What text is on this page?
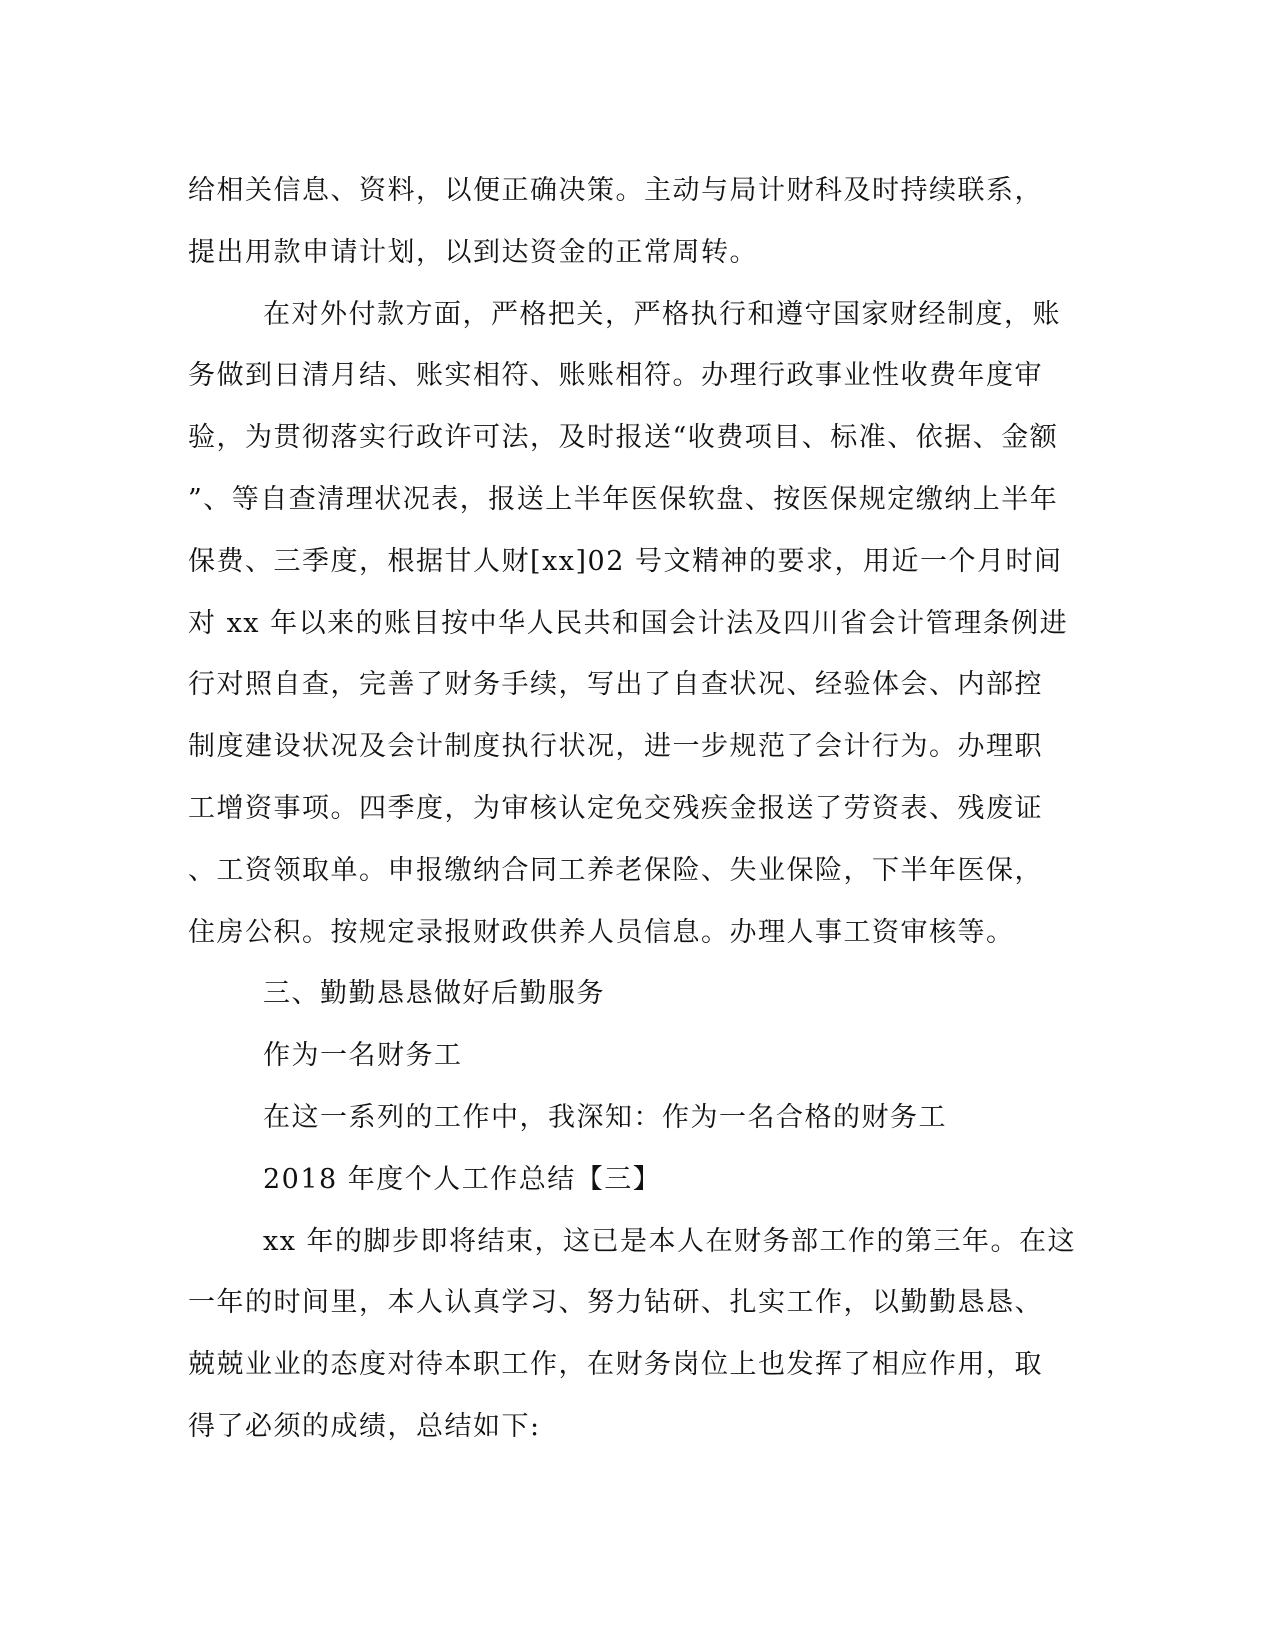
给相关信息、资料，以便正确决策。主动与局计财科及时持续联系，
提出用款申请计划，以到达资金的正常周转。
在对外付款方面，严格把关，严格执行和遵守国家财经制度，账
务做到日清月结、账实相符、账账相符。办理行政事业性收费年度审
验，为贯彻落实行政许可法，及时报送“收费项目、标准、依据、金额
”、等自查清理状况表，报送上半年医保软盘、按医保规定缴纳上半年
保费、三季度，根据甘人财[xx]02 号文精神的要求，用近一个月时间
对 xx 年以来的账目按中华人民共和国会计法及四川省会计管理条例进
行对照自查，完善了财务手续，写出了自查状况、经验体会、内部控
制度建设状况及会计制度执行状况，进一步规范了会计行为。办理职
工增资事项。四季度，为审核认定免交残疾金报送了劳资表、残废证
、工资领取单。申报缴纳合同工养老保险、失业保险，下半年医保，
住房公积。按规定录报财政供养人员信息。办理人事工资审核等。
三、勤勤恳恳做好后勤服务
作为一名财务工
在这一系列的工作中，我深知：作为一名合格的财务工
2018 年度个人工作总结【三】
xx 年的脚步即将结束，这已是本人在财务部工作的第三年。在这
一年的时间里，本人认真学习、努力钻研、扎实工作，以勤勤恳恳、
兢兢业业的态度对待本职工作，在财务岗位上也发挥了相应作用，取
得了必须的成绩，总结如下:
